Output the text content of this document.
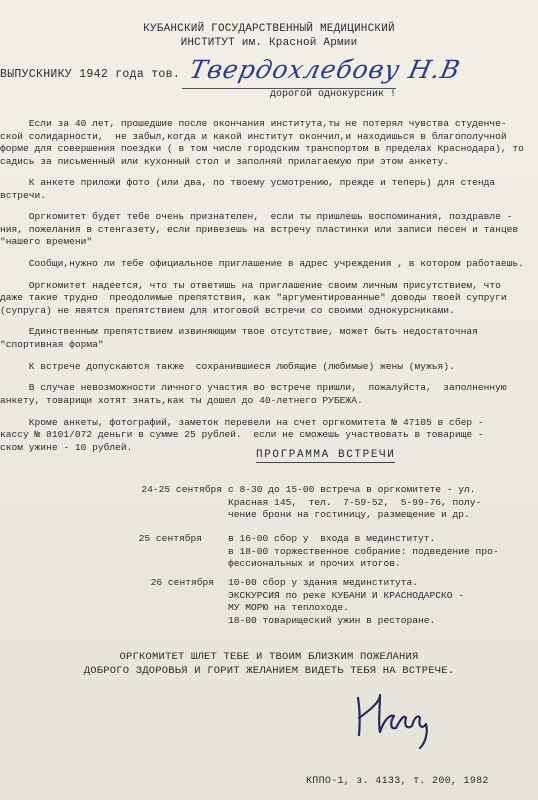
КУБАНСКИЙ ГОСУДАРСТВЕННЫЙ МЕДИЦИНСКИЙ
ИНСТИТУТ им. Красной Армии
ВЫПУСКНИКУ 1942 года тов. Твердохлебову Н.В
дорогой однокурсник !

Если за 40 лет, прошедшие после окончания института,ты не потерял чувства студенче-
ской солидарности,  не забыл,когда и какой институт окончил,и находишься в благополучной
форме для совершения поездки ( в том числе городским транспортом в пределах Краснодара), то
садись за письменный или кухонный стол и заполняй прилагаемую при этом анкету.

К анкете приложи фото (или два, по твоему усмотрению, прежде и теперь) для стенда
встречи.

Оргкомитет будет тебе очень признателен,  если ты пришлешь воспоминания, поздравле -
ния, пожелания в стенгазету, если привезешь на встречу пластинки или записи песен и танцев
"нашего времени"

Сообщи,нужно ли тебе официальное приглашение в адрес учреждения , в котором работаешь.

Оргкомитет надеется, что ты ответишь на приглашение своим личным присутствием, что
даже такие трудно  преодолимые препятствия, как "аргументированные" доводы твоей супруги
(супруга) не явятся препятствием для итоговой встречи со своими однокурсниками.

Единственным препятствием извиняющим твое отсутствие, может быть недостаточная
"спортивная форма"

К встрече допускаются также  сохранившиеся любящие (любимые) жены (мужья).

В случае невозможности личного участия во встрече пришли,  пожалуйста,  заполненную
анкету, товарищи хотят знать,как ты дошел до 40-летнего РУБЕЖА.

Кроме анкеты, фотографий, заметок перевели на счет оргкомитета № 47105 в сбер -
кассу № 8101/072 деньги в сумме 25 рублей.  если не сможешь участвовать в товарище -
ском ужине - 10 рублей.

ПРОГРАММА ВСТРЕЧИ
24-25 сентября с 8-30 до 15-00 встреча в оргкомитете - ул.
Красная 145,  тел.  7-59-52,  5-99-76, полу-
чение брони на гостиницу, размещение и др.
25 сентября	в 16-00 сбор у  входа в мединститут.
в 18-00 торжественное собрание: подведение про-
фессиональных и прочих итогов.
26 сентября 10-00 сбор у здания мединститута.
ЭКСКУРСИЯ по реке КУБАНИ И КРАСНОДАРСКО -
МУ МОРЮ на теплоходе.
18-00 товарищеский ужин в ресторане.
ОРГКОМИТЕТ ШЛЕТ ТЕБЕ И ТВОИМ БЛИЗКИМ ПОЖЕЛАНИЯ
ДОБРОГО ЗДОРОВЬЯ И ГОРИТ ЖЕЛАНИЕМ ВИДЕТЬ ТЕБЯ НА ВСТРЕЧЕ.
КППО-1, з. 4133, т. 200, 1982
